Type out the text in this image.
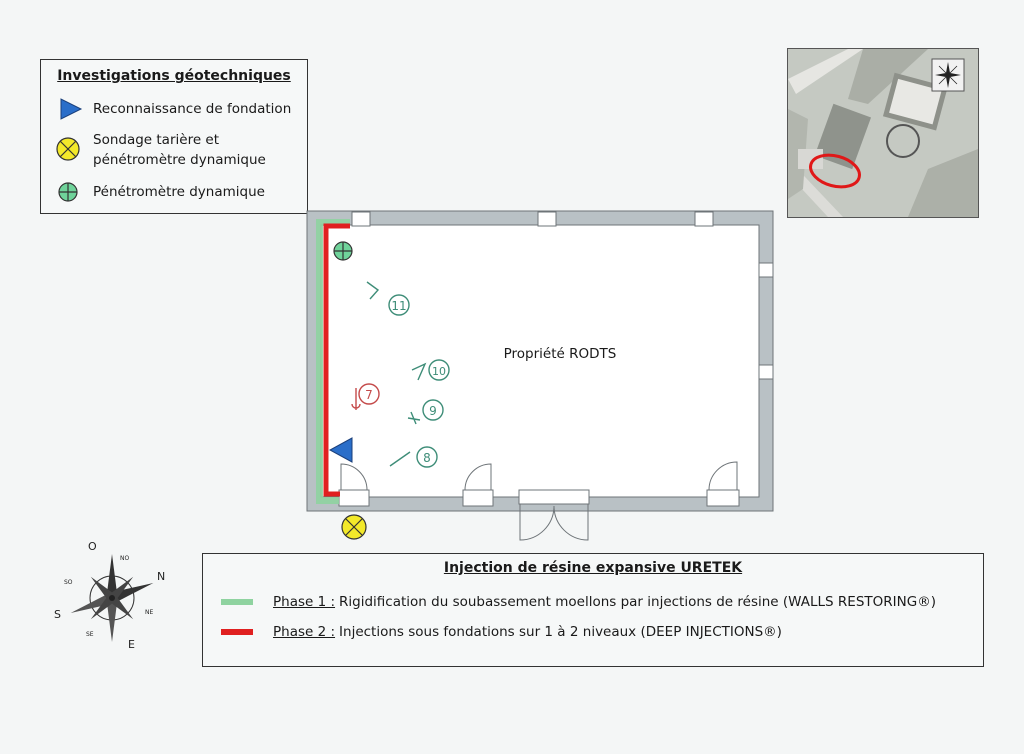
Investigations géotechniques
Reconnaissance de fondation
Sondage tarière et
pénétromètre dynamique
Pénétromètre dynamique
11
10
9
8
7
Propriété RODTS
O
N
E
S
NO
NE
SE
SO
Injection de résine expansive URETEK
Phase 1 : Rigidification du soubassement moellons par injections de résine (WALLS RESTORING®)
Phase 2 : Injections sous fondations sur 1 à 2 niveaux (DEEP INJECTIONS®)
